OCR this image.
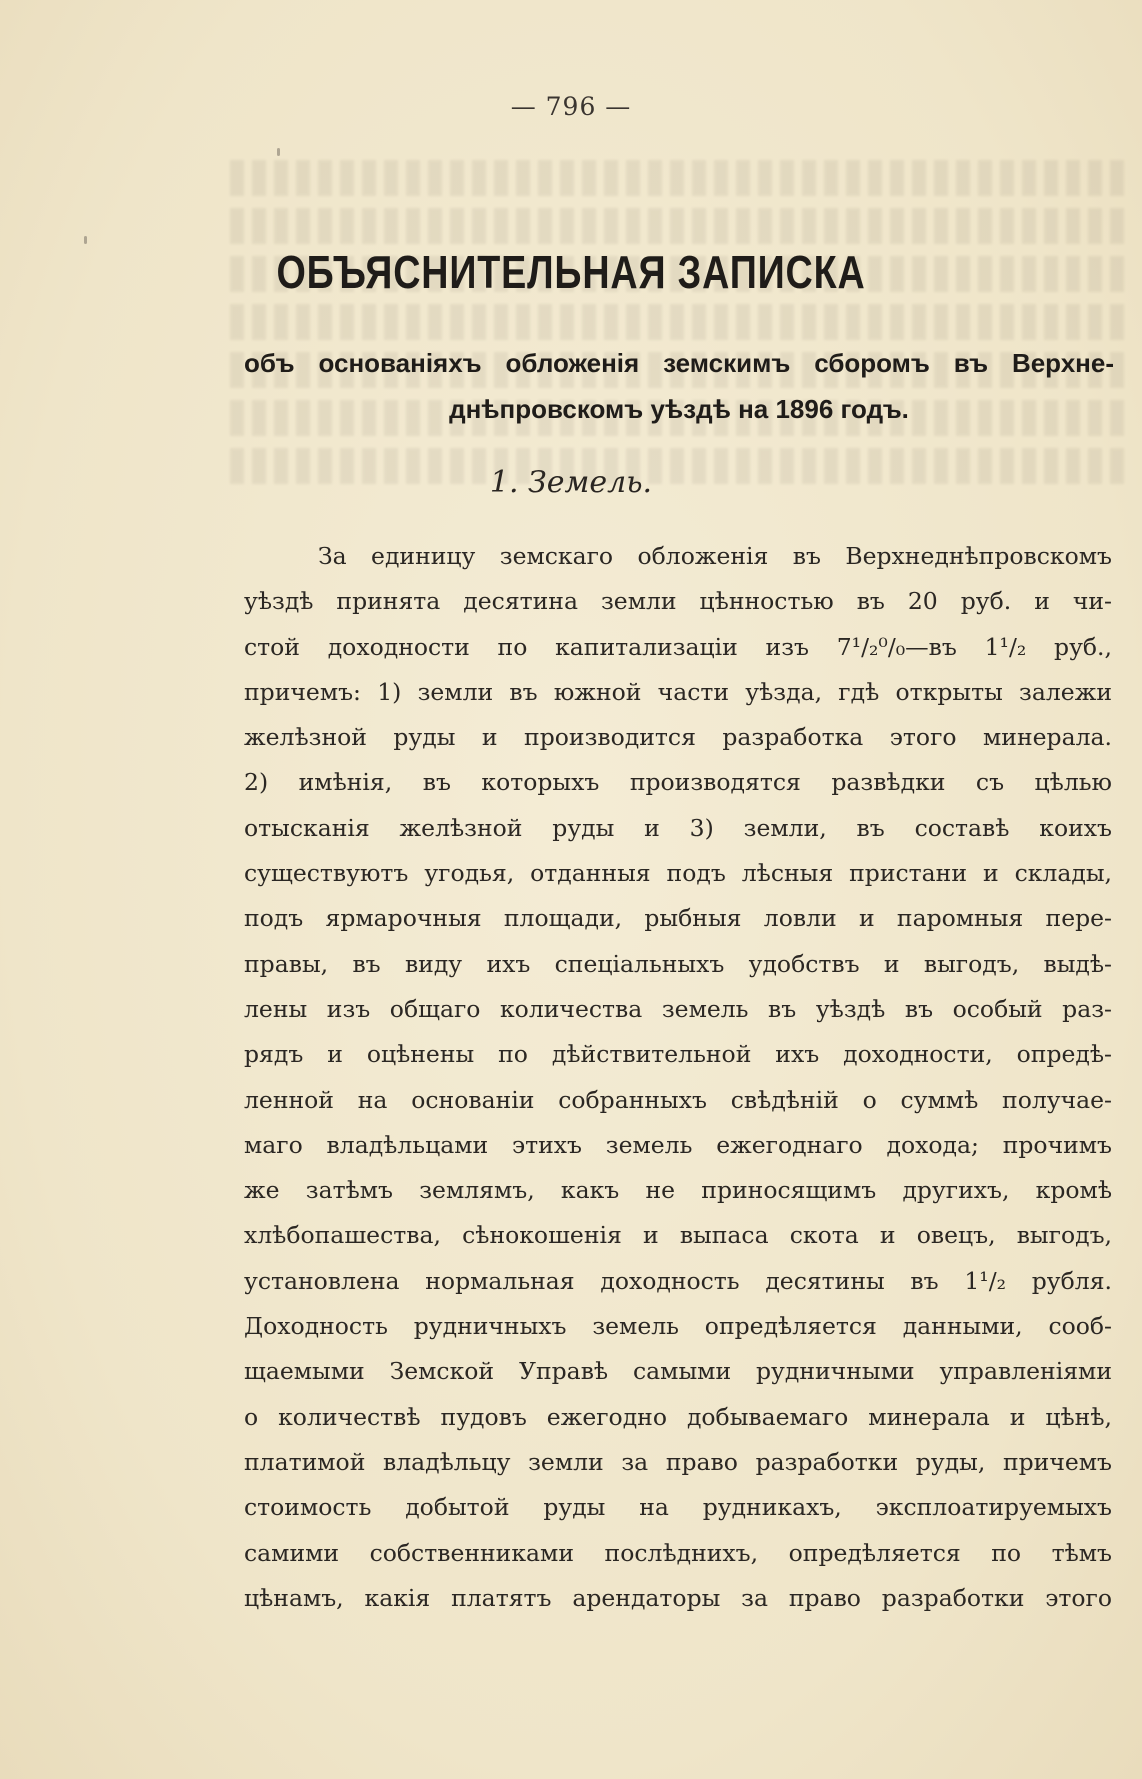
— 796 —
ОБЪЯСНИТЕЛЬНАЯ ЗАПИСКА
объ основаніяхъ обложенія земскимъ сборомъ въ Верхне-
днѣпровскомъ уѣздѣ на 1896 годъ.
1. Земель.
За единицу земскаго обложенія въ Верхнеднѣпровскомъ
уѣздѣ принята десятина земли цѣнностью въ 20 руб. и чи-
стой доходности по капитализаціи изъ 7¹/₂⁰/₀—въ 1¹/₂ руб.,
причемъ: 1) земли въ южной части уѣзда, гдѣ открыты залежи
желѣзной руды и производится разработка этого минерала.
2) имѣнія, въ которыхъ производятся развѣдки съ цѣлью
отысканія желѣзной руды и 3) земли, въ составѣ коихъ
существуютъ угодья, отданныя подъ лѣсныя пристани и склады,
подъ ярмарочныя площади, рыбныя ловли и паромныя пере-
правы, въ виду ихъ спеціальныхъ удобствъ и выгодъ, выдѣ-
лены изъ общаго количества земель въ уѣздѣ въ особый раз-
рядъ и оцѣнены по дѣйствительной ихъ доходности, опредѣ-
ленной на основаніи собранныхъ свѣдѣній о суммѣ получае-
маго владѣльцами этихъ земель ежегоднаго дохода; прочимъ
же затѣмъ землямъ, какъ не приносящимъ другихъ, кромѣ
хлѣбопашества, сѣнокошенія и выпаса скота и овецъ, выгодъ,
установлена нормальная доходность десятины въ 1¹/₂ рубля.
Доходность рудничныхъ земель опредѣляется данными, сооб-
щаемыми Земской Управѣ самыми рудничными управленіями
о количествѣ пудовъ ежегодно добываемаго минерала и цѣнѣ,
платимой владѣльцу земли за право разработки руды, причемъ
стоимость добытой руды на рудникахъ, эксплоатируемыхъ
самими собственниками послѣднихъ, опредѣляется по тѣмъ
цѣнамъ, какія платятъ арендаторы за право разработки этого
